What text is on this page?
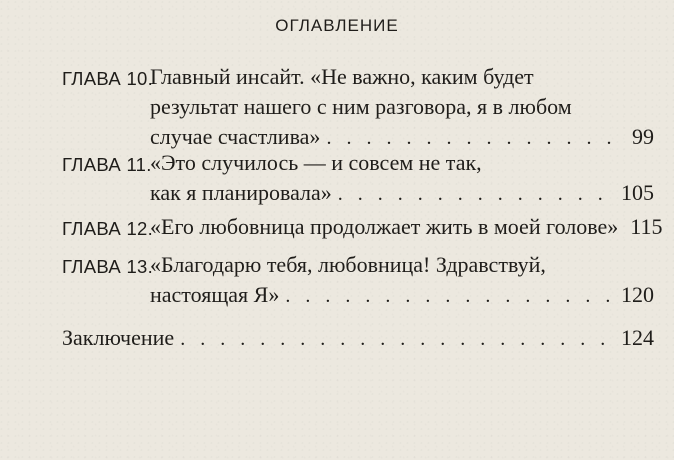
ОГЛАВЛЕНИЕ
ГЛАВА 10.
Главный инсайт. «Не важно, каким будет
результат нашего с ним разговора, я в любом
случае счастлива» . . .	99
ГЛАВА 11.
«Это случилось — и совсем не так,
как я планировала» . . .	105
ГЛАВА 12.
«Его любовница продолжает жить в моей голове» 115
ГЛАВА 13.
«Благодарю тебя, любовница! Здравствуй,
настоящая Я» . . .	120
Заключение . . .	124
